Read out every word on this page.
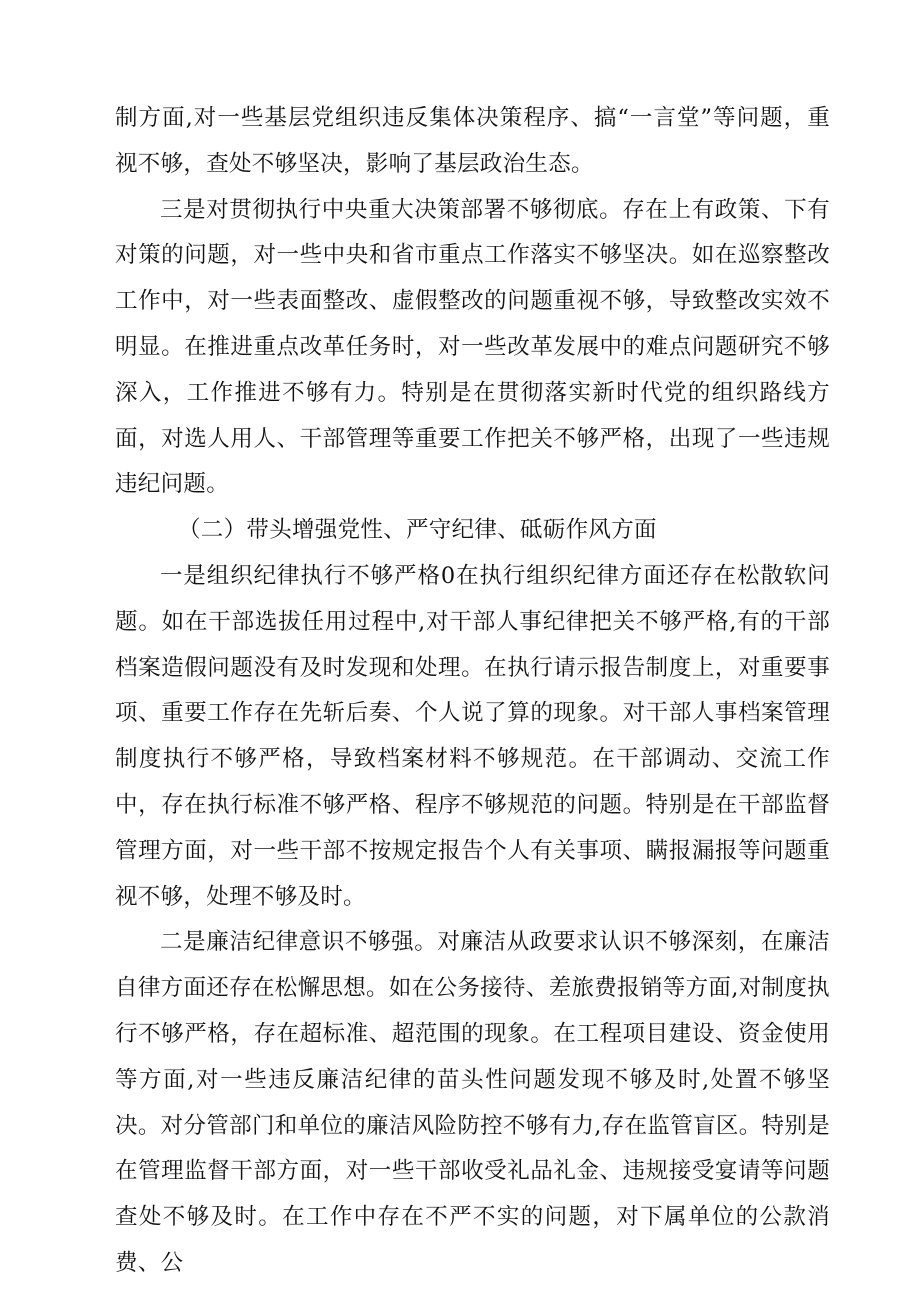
制方面,对一些基层党组织违反集体决策程序、搞“一言堂”等问题，重视不够，查处不够坚决，影响了基层政治生态。

三是对贯彻执行中央重大决策部署不够彻底。存在上有政策、下有对策的问题，对一些中央和省市重点工作落实不够坚决。如在巡察整改工作中，对一些表面整改、虚假整改的问题重视不够，导致整改实效不明显。在推进重点改革任务时，对一些改革发展中的难点问题研究不够深入，工作推进不够有力。特别是在贯彻落实新时代党的组织路线方面，对选人用人、干部管理等重要工作把关不够严格，出现了一些违规违纪问题。

（二）带头增强党性、严守纪律、砥砺作风方面

一是组织纪律执行不够严格0在执行组织纪律方面还存在松散软问题。如在干部选拔任用过程中,对干部人事纪律把关不够严格,有的干部档案造假问题没有及时发现和处理。在执行请示报告制度上，对重要事项、重要工作存在先斩后奏、个人说了算的现象。对干部人事档案管理制度执行不够严格，导致档案材料不够规范。在干部调动、交流工作中，存在执行标准不够严格、程序不够规范的问题。特别是在干部监督管理方面，对一些干部不按规定报告个人有关事项、瞒报漏报等问题重视不够，处理不够及时。

二是廉洁纪律意识不够强。对廉洁从政要求认识不够深刻，在廉洁自律方面还存在松懈思想。如在公务接待、差旅费报销等方面,对制度执行不够严格，存在超标准、超范围的现象。在工程项目建设、资金使用等方面,对一些违反廉洁纪律的苗头性问题发现不够及时,处置不够坚决。对分管部门和单位的廉洁风险防控不够有力,存在监管盲区。特别是在管理监督干部方面，对一些干部收受礼品礼金、违规接受宴请等问题查处不够及时。在工作中存在不严不实的问题，对下属单位的公款消费、公
